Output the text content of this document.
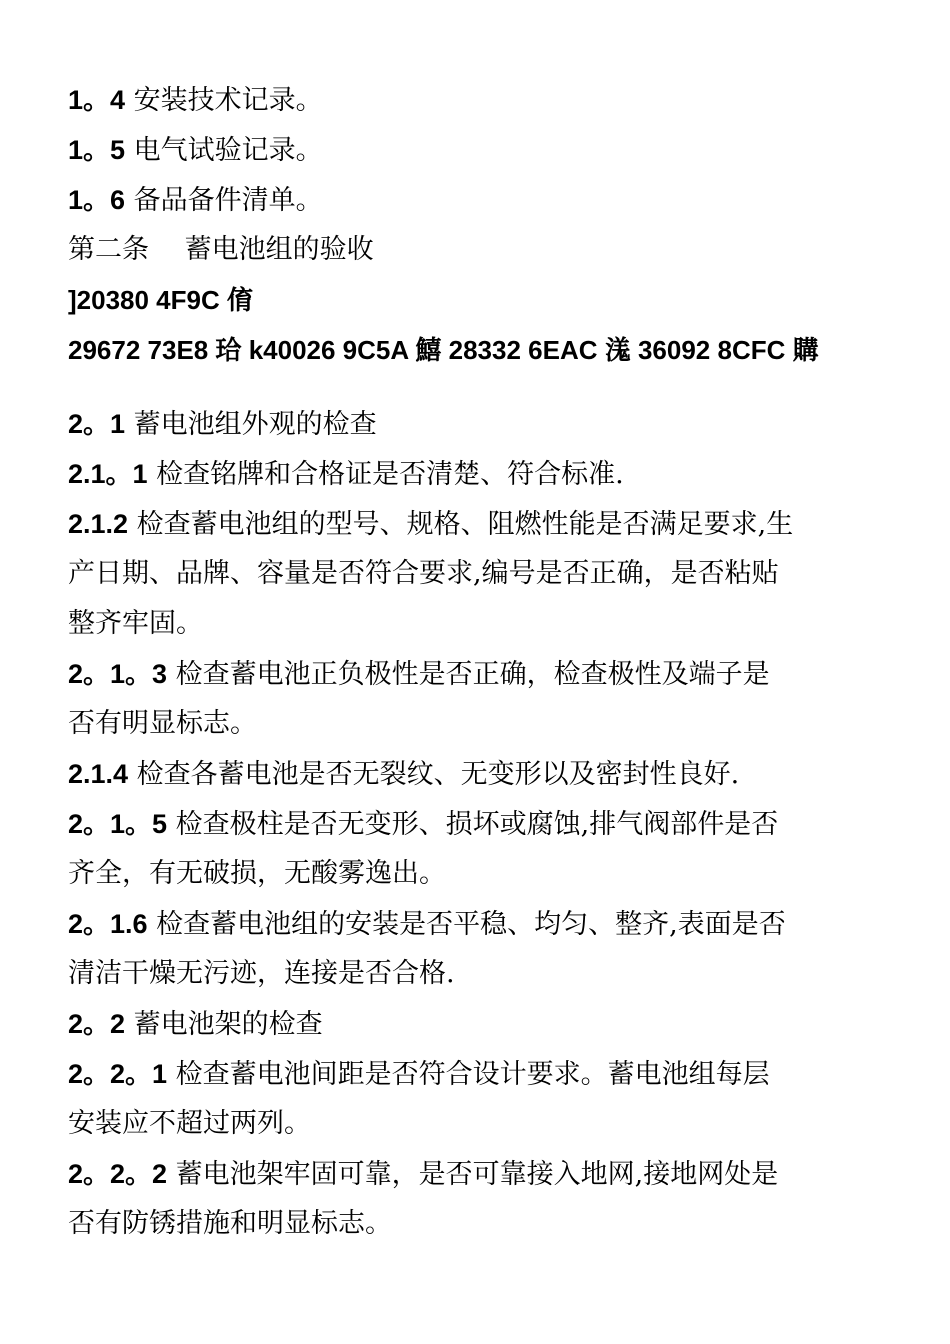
1。4 安装技术记录。
1。5 电气试验记录。
1。6 备品备件清单。
第二条　 蓄电池组的验收
]20380 4F9C 俼
29672 73E8 珨 k40026 9C5A 鱚 28332 6EAC 溬 36092 8CFC 購
2。1 蓄电池组外观的检查
2.1。1 检查铭牌和合格证是否清楚、符合标准.
2.1.2 检查蓄电池组的型号、规格、阻燃性能是否满足要求,生
产日期、品牌、容量是否符合要求,编号是否正确，是否粘贴
整齐牢固。
2。1。3 检查蓄电池正负极性是否正确，检查极性及端子是
否有明显标志。
2.1.4 检查各蓄电池是否无裂纹、无变形以及密封性良好.
2。1。5 检查极柱是否无变形、损坏或腐蚀,排气阀部件是否
齐全，有无破损，无酸雾逸出。
2。1.6 检查蓄电池组的安装是否平稳、均匀、整齐,表面是否
清洁干燥无污迹，连接是否合格.
2。2 蓄电池架的检查
2。2。1 检查蓄电池间距是否符合设计要求。蓄电池组每层
安装应不超过两列。
2。2。2 蓄电池架牢固可靠，是否可靠接入地网,接地网处是
否有防锈措施和明显标志。
